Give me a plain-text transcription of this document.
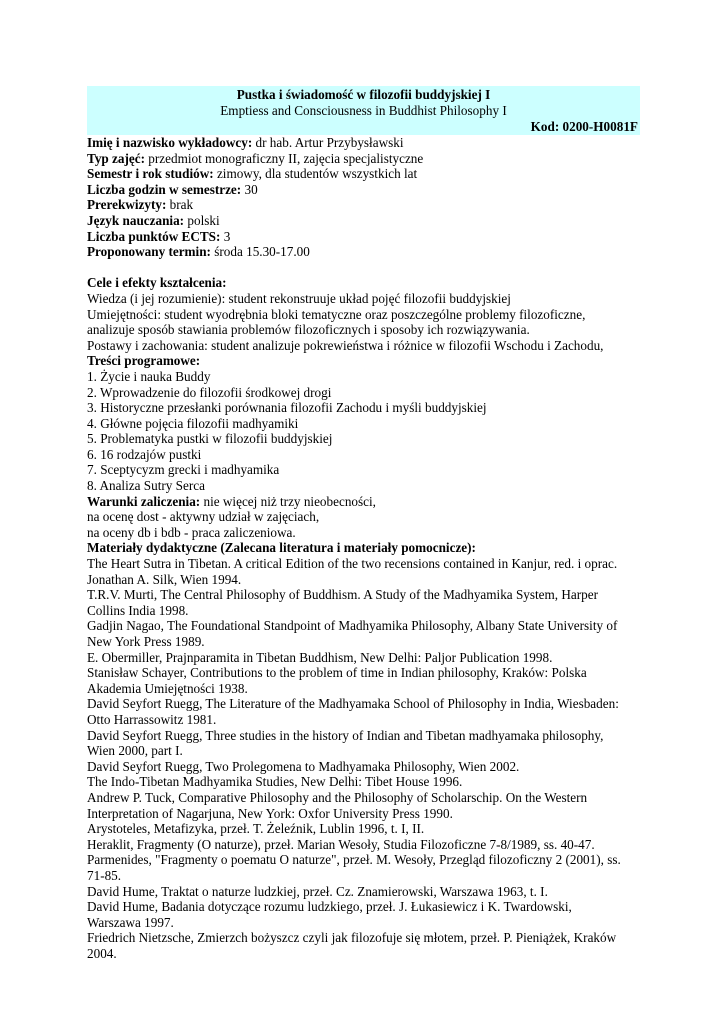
Pustka i świadomość w filozofii buddyjskiej I
Emptiess and Consciousness in Buddhist Philosophy I
Kod: 0200-H0081F
Imię i nazwisko wykładowcy: dr hab. Artur Przybysławski
Typ zajęć: przedmiot monograficzny II, zajęcia specjalistyczne
Semestr i rok studiów: zimowy, dla studentów wszystkich lat
Liczba godzin w semestrze: 30
Prerekwizyty: brak
Język nauczania: polski
Liczba punktów ECTS: 3
Proponowany termin: środa 15.30-17.00
Cele i efekty kształcenia:
Wiedza (i jej rozumienie): student rekonstruuje układ pojęć filozofii buddyjskiej
Umiejętności: student wyodrębnia bloki tematyczne oraz poszczególne problemy filozoficzne,
analizuje sposób stawiania problemów filozoficznych i sposoby ich rozwiązywania.
Postawy i zachowania: student analizuje pokrewieństwa i różnice w filozofii Wschodu i Zachodu,
Treści programowe:
1. Życie i nauka Buddy
2. Wprowadzenie do filozofii środkowej drogi
3. Historyczne przesłanki porównania filozofii Zachodu i myśli buddyjskiej
4. Główne pojęcia filozofii madhyamiki
5. Problematyka pustki w filozofii buddyjskiej
6. 16 rodzajów pustki
7. Sceptycyzm grecki i madhyamika
8. Analiza Sutry Serca
Warunki zaliczenia: nie więcej niż trzy nieobecności,
na ocenę dost - aktywny udział w zajęciach,
na oceny db i bdb - praca zaliczeniowa.
Materiały dydaktyczne (Zalecana literatura i materiały pomocnicze):
The Heart Sutra in Tibetan. A critical Edition of the two recensions contained in Kanjur, red. i oprac.
Jonathan A. Silk, Wien 1994.
T.R.V. Murti, The Central Philosophy of Buddhism. A Study of the Madhyamika System, Harper
Collins India 1998.
Gadjin Nagao, The Foundational Standpoint of Madhyamika Philosophy, Albany State University of
New York Press 1989.
E. Obermiller, Prajnparamita in Tibetan Buddhism, New Delhi: Paljor Publication 1998.
Stanisław Schayer, Contributions to the problem of time in Indian philosophy, Kraków: Polska
Akademia Umiejętności 1938.
David Seyfort Ruegg, The Literature of the Madhyamaka School of Philosophy in India, Wiesbaden:
Otto Harrassowitz 1981.
David Seyfort Ruegg, Three studies in the history of Indian and Tibetan madhyamaka philosophy,
Wien 2000, part I.
David Seyfort Ruegg, Two Prolegomena to Madhyamaka Philosophy, Wien 2002.
The Indo-Tibetan Madhyamika Studies, New Delhi: Tibet House 1996.
Andrew P. Tuck, Comparative Philosophy and the Philosophy of Scholarschip. On the Western
Interpretation of Nagarjuna, New York: Oxfor University Press 1990.
Arystoteles, Metafizyka, przeł. T. Żeleźnik, Lublin 1996, t. I, II.
Heraklit, Fragmenty (O naturze), przeł. Marian Wesoły, Studia Filozoficzne 7-8/1989, ss. 40-47.
Parmenides, "Fragmenty o poematu O naturze", przeł. M. Wesoły, Przegląd filozoficzny 2 (2001), ss.
71-85.
David Hume, Traktat o naturze ludzkiej, przeł. Cz. Znamierowski, Warszawa 1963, t. I.
David Hume, Badania dotyczące rozumu ludzkiego, przeł. J. Łukasiewicz i K. Twardowski,
Warszawa 1997.
Friedrich Nietzsche, Zmierzch bożyszcz czyli jak filozofuje się młotem, przeł. P. Pieniążek, Kraków
2004.
